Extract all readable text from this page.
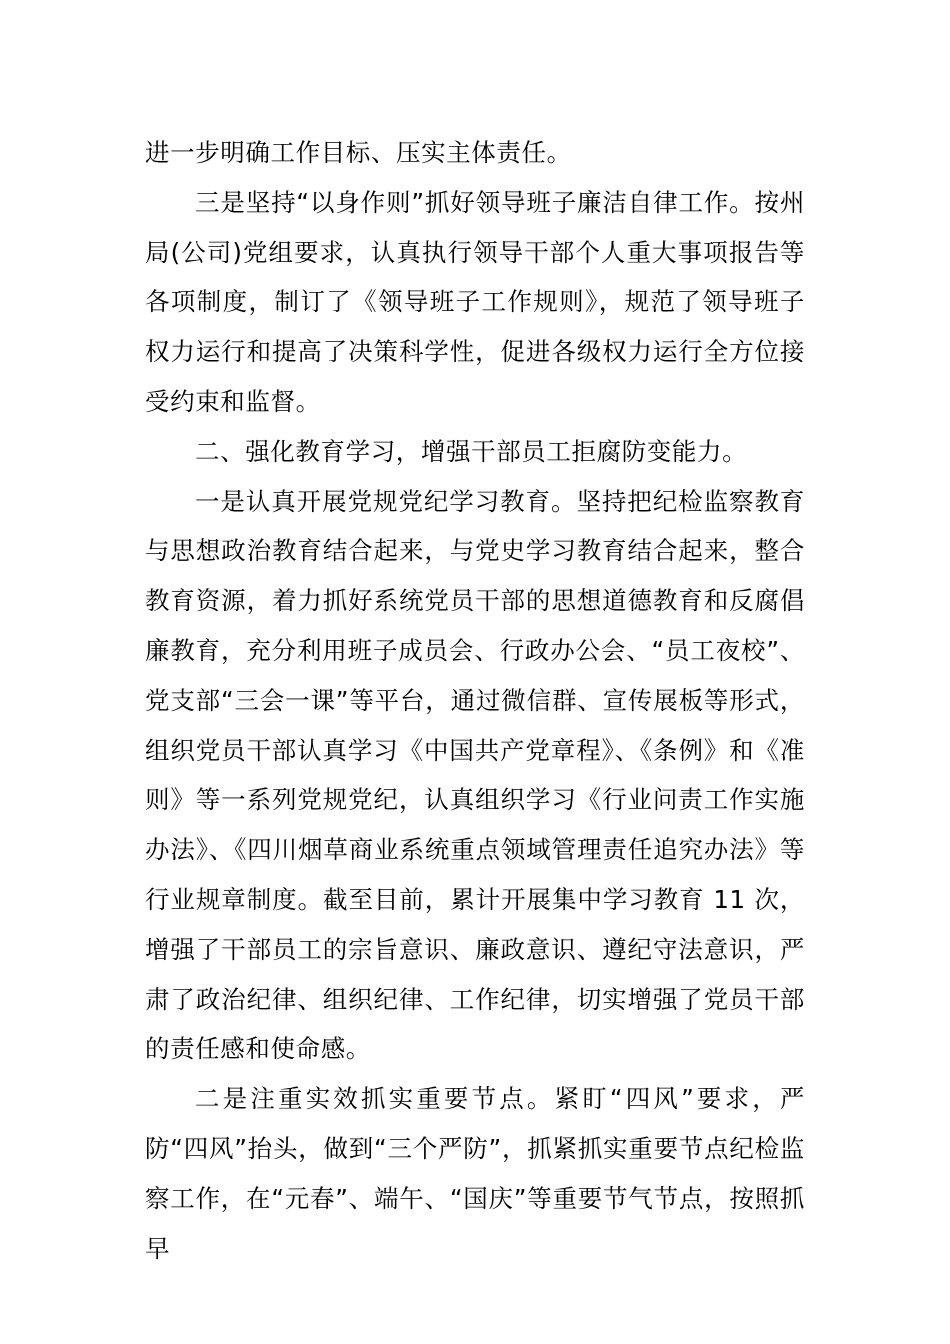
进一步明确工作目标、压实主体责任。

三是坚持“以身作则”抓好领导班子廉洁自律工作。按州局(公司)党组要求，认真执行领导干部个人重大事项报告等各项制度，制订了《领导班子工作规则》，规范了领导班子权力运行和提高了决策科学性，促进各级权力运行全方位接受约束和监督。

二、强化教育学习，增强干部员工拒腐防变能力。

一是认真开展党规党纪学习教育。坚持把纪检监察教育与思想政治教育结合起来，与党史学习教育结合起来，整合教育资源，着力抓好系统党员干部的思想道德教育和反腐倡廉教育，充分利用班子成员会、行政办公会、“员工夜校”、党支部“三会一课”等平台，通过微信群、宣传展板等形式，组织党员干部认真学习《中国共产党章程》、《条例》和《准则》等一系列党规党纪，认真组织学习《行业问责工作实施办法》、《四川烟草商业系统重点领域管理责任追究办法》等行业规章制度。截至目前，累计开展集中学习教育 11 次，增强了干部员工的宗旨意识、廉政意识、遵纪守法意识，严肃了政治纪律、组织纪律、工作纪律，切实增强了党员干部的责任感和使命感。

二是注重实效抓实重要节点。紧盯“四风”要求，严防“四风”抬头，做到“三个严防”，抓紧抓实重要节点纪检监察工作，在“元春”、端午、“国庆”等重要节气节点，按照抓早
